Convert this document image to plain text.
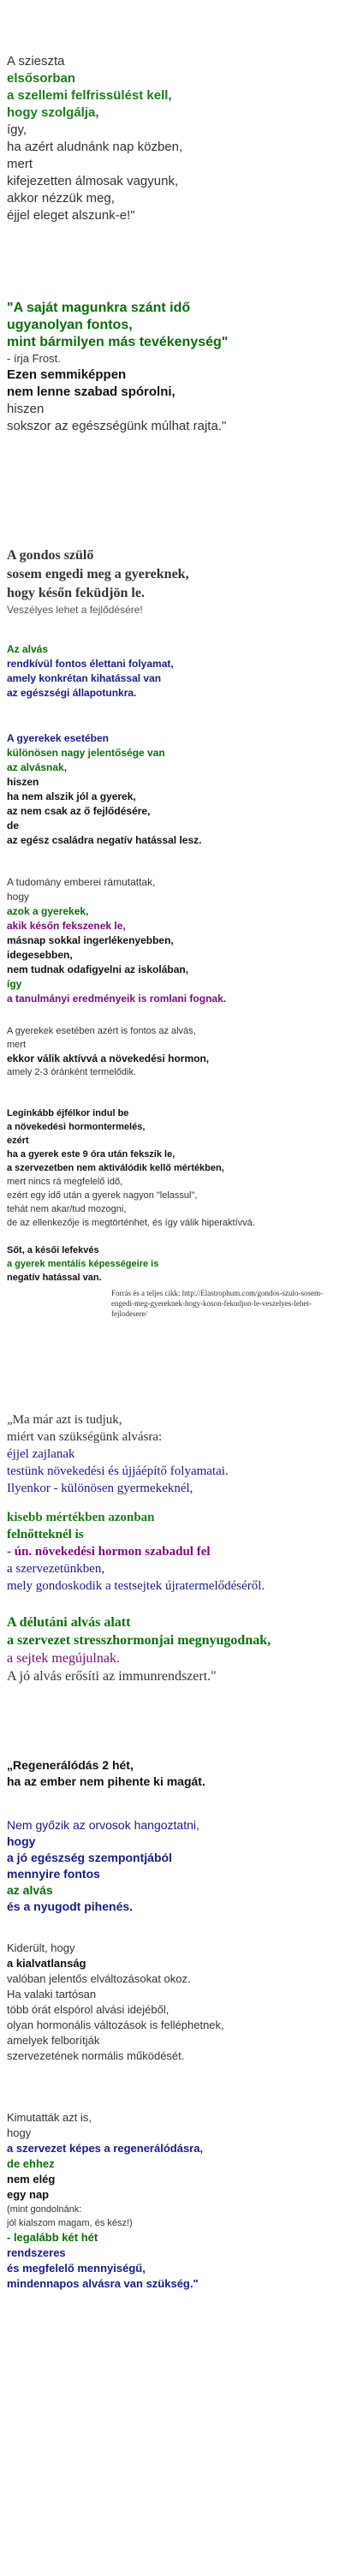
A sziesztа
elsősorban
a szellemi felfrissülést kell,
hogy szolgálja,
így,
ha azért aludnánk nap közben,
mert
kifejezetten álmosak vagyunk,
akkor nézzük meg,
éjjel eleget alszunk-e!"
"A saját magunkra szánt idő
ugyanolyan fontos,
mint bármilyen más tevékenység"
- írja Frost.
Ezen semmiképpen
nem lenne szabad spórolni,
hiszen
sokszor az egészségünk múlhat rajta."
A gondos szülő
sosem engedi meg a gyereknek,
hogy későn feküdjön le.
Veszélyes lehet a fejlődésére!
Az alvás
rendkívül fontos élettani folyamat,
amely konkrétan kihatással van
az egészségi állapotunkra.
A gyerekek esetében
különösen nagy jelentősége van
az alvásnak,
hiszen
ha nem alszik jól a gyerek,
az nem csak az ő fejlődésére,
de
az egész családra negatív hatással lesz.
A tudomány emberei rámutattak,
hogy
azok a gyerekek,
akik későn fekszenek le,
másnap sokkal ingerlékenyebben,
idegesebben,
nem tudnak odafigyelni az iskolában,
így
a tanulmányi eredményeik is romlani fognak.
A gyerekek esetében azért is fontos az alvás,
mert
ekkor válik aktívvá a növekedési hormon,
amely 2-3 óránként termelődik.
Leginkább éjfélkor indul be
a növekedési hormontermelés,
ezért
ha a gyerek este 9 óra után fekszik le,
a szervezetben nem aktiválódik kellő mértékben,
mert nincs rá megfelelő idő,
ezért egy idő után a gyerek nagyon "lelassul",
tehát nem akar/tud mozogni,
de az ellenkezője is megtörténhet, és így válik hiperaktívvá.
Sőt, a késői lefekvés
a gyerek mentális képességeire is
negatív hatással van.
Forrás és a teljes cikk: http://Elastrophum.com/gondos-szulo-sosem-engedi-meg-gyereknek-hogy-koson-fekudjon-le-veszelyes-lehet-fejlodesere/
„Ma már azt is tudjuk,
miért van szükségünk alvásra:
éjjel zajlanak
testünk növekedési és újjáépítő folyamatai.
Ilyenkor - különösen gyermekeknél,
kisebb mértékben azonban
felnőtteknél is
- ún. növekedési hormon szabadul fel
a szervezetünkben,
mely gondoskodik a testsejtek újratermelődéséről.
A délutáni alvás alatt
a szervezet stresszhormonjai megnyugodnak,
a sejtek megújulnak.
A jó alvás erősíti az immunrendszert."
„Regenerálódás 2 hét,
ha az ember nem pihente ki magát.
Nem győzik az orvosok hangoztatni,
hogy
a jó egészség szempontjából
mennyire fontos
az alvás
és a nyugodt pihenés.
Kiderült, hogy
a kialvatlanság
valóban jelentős elváltozásokat okoz.
Ha valaki tartósan
több órát elspórol alvási idejéből,
olyan hormonális változások is felléphetnek,
amelyek felborítják
szervezetének normális működését.
Kimutatták azt is,
hogy
a szervezet képes a regenerálódásra,
de ehhez
nem elég
egy nap
(mint gondolnánk:
jól kialszom magam, és kész!)
- legalább két hét
rendszeres
és megfelelő mennyiségű,
mindennapos alvásra van szükség."
